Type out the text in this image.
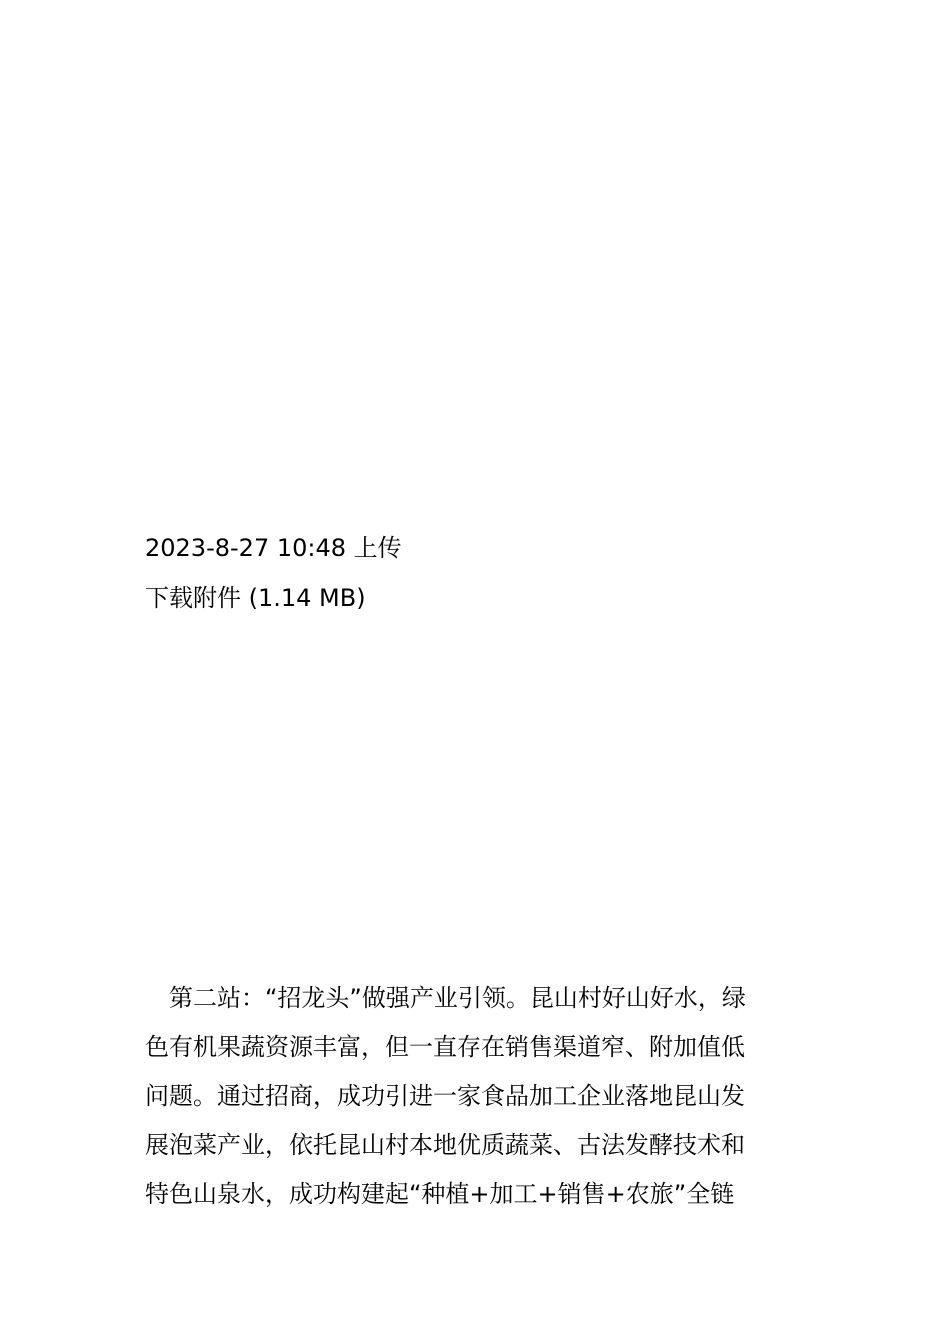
2023-8-27 10:48 上传
下载附件 (1.14 MB)
　第二站：“招龙头”做强产业引领。昆山村好山好水，绿
色有机果蔬资源丰富，但一直存在销售渠道窄、附加值低
问题。通过招商，成功引进一家食品加工企业落地昆山发
展泡菜产业，依托昆山村本地优质蔬菜、古法发酵技术和
特色山泉水，成功构建起“种植+加工+销售+农旅”全链
